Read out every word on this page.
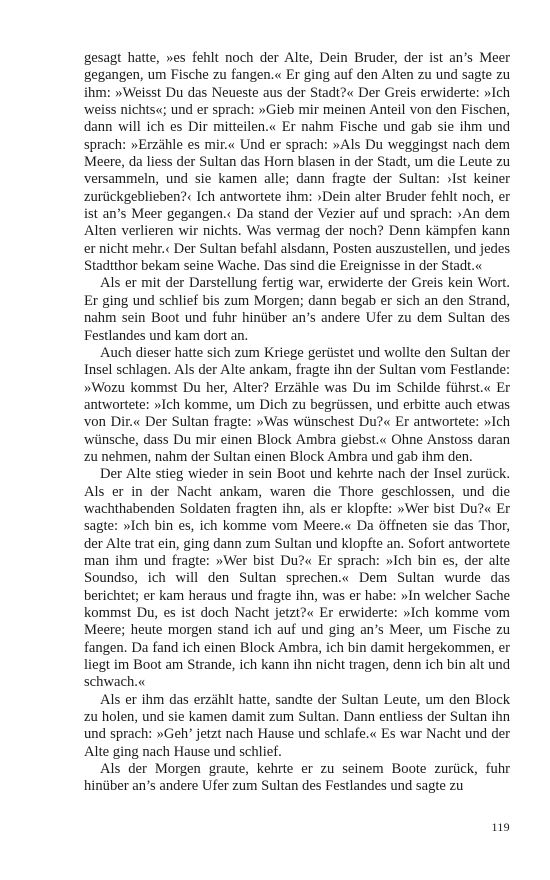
gesagt hatte, »es fehlt noch der Alte, Dein Bruder, der ist an’s Meer gegangen, um Fische zu fangen.« Er ging auf den Alten zu und sagte zu ihm: »Weisst Du das Neueste aus der Stadt?« Der Greis erwiderte: »Ich weiss nichts«; und er sprach: »Gieb mir meinen Anteil von den Fischen, dann will ich es Dir mitteilen.« Er nahm Fische und gab sie ihm und sprach: »Erzähle es mir.« Und er sprach: »Als Du weggingst nach dem Meere, da liess der Sultan das Horn blasen in der Stadt, um die Leute zu versammeln, und sie kamen alle; dann fragte der Sultan: ›Ist keiner zurückgeblieben?‹ Ich antwortete ihm: ›Dein alter Bruder fehlt noch, er ist an’s Meer gegangen.‹ Da stand der Vezier auf und sprach: ›An dem Alten verlieren wir nichts. Was vermag der noch? Denn kämpfen kann er nicht mehr.‹ Der Sultan befahl alsdann, Posten auszustellen, und jedes Stadtthor bekam seine Wache. Das sind die Ereignisse in der Stadt.«

Als er mit der Darstellung fertig war, erwiderte der Greis kein Wort. Er ging und schlief bis zum Morgen; dann begab er sich an den Strand, nahm sein Boot und fuhr hinüber an’s andere Ufer zu dem Sultan des Festlandes und kam dort an.

Auch dieser hatte sich zum Kriege gerüstet und wollte den Sultan der Insel schlagen. Als der Alte ankam, fragte ihn der Sultan vom Festlande: »Wozu kommst Du her, Alter? Erzähle was Du im Schilde führst.« Er antwortete: »Ich komme, um Dich zu begrüssen, und erbitte auch etwas von Dir.« Der Sultan fragte: »Was wünschest Du?« Er antwortete: »Ich wünsche, dass Du mir einen Block Ambra giebst.« Ohne Anstoss daran zu nehmen, nahm der Sultan einen Block Ambra und gab ihm den.

Der Alte stieg wieder in sein Boot und kehrte nach der Insel zurück. Als er in der Nacht ankam, waren die Thore geschlossen, und die wachthabenden Soldaten fragten ihn, als er klopfte: »Wer bist Du?« Er sagte: »Ich bin es, ich komme vom Meere.« Da öffneten sie das Thor, der Alte trat ein, ging dann zum Sultan und klopfte an. Sofort antwortete man ihm und fragte: »Wer bist Du?« Er sprach: »Ich bin es, der alte Soundso, ich will den Sultan sprechen.« Dem Sultan wurde das berichtet; er kam heraus und fragte ihn, was er habe: »In welcher Sache kommst Du, es ist doch Nacht jetzt?« Er erwiderte: »Ich komme vom Meere; heute morgen stand ich auf und ging an’s Meer, um Fische zu fangen. Da fand ich einen Block Ambra, ich bin damit hergekommen, er liegt im Boot am Strande, ich kann ihn nicht tragen, denn ich bin alt und schwach.«

Als er ihm das erzählt hatte, sandte der Sultan Leute, um den Block zu holen, und sie kamen damit zum Sultan. Dann entliess der Sultan ihn und sprach: »Geh’ jetzt nach Hause und schlafe.« Es war Nacht und der Alte ging nach Hause und schlief.

Als der Morgen graute, kehrte er zu seinem Boote zurück, fuhr hinüber an’s andere Ufer zum Sultan des Festlandes und sagte zu

119
